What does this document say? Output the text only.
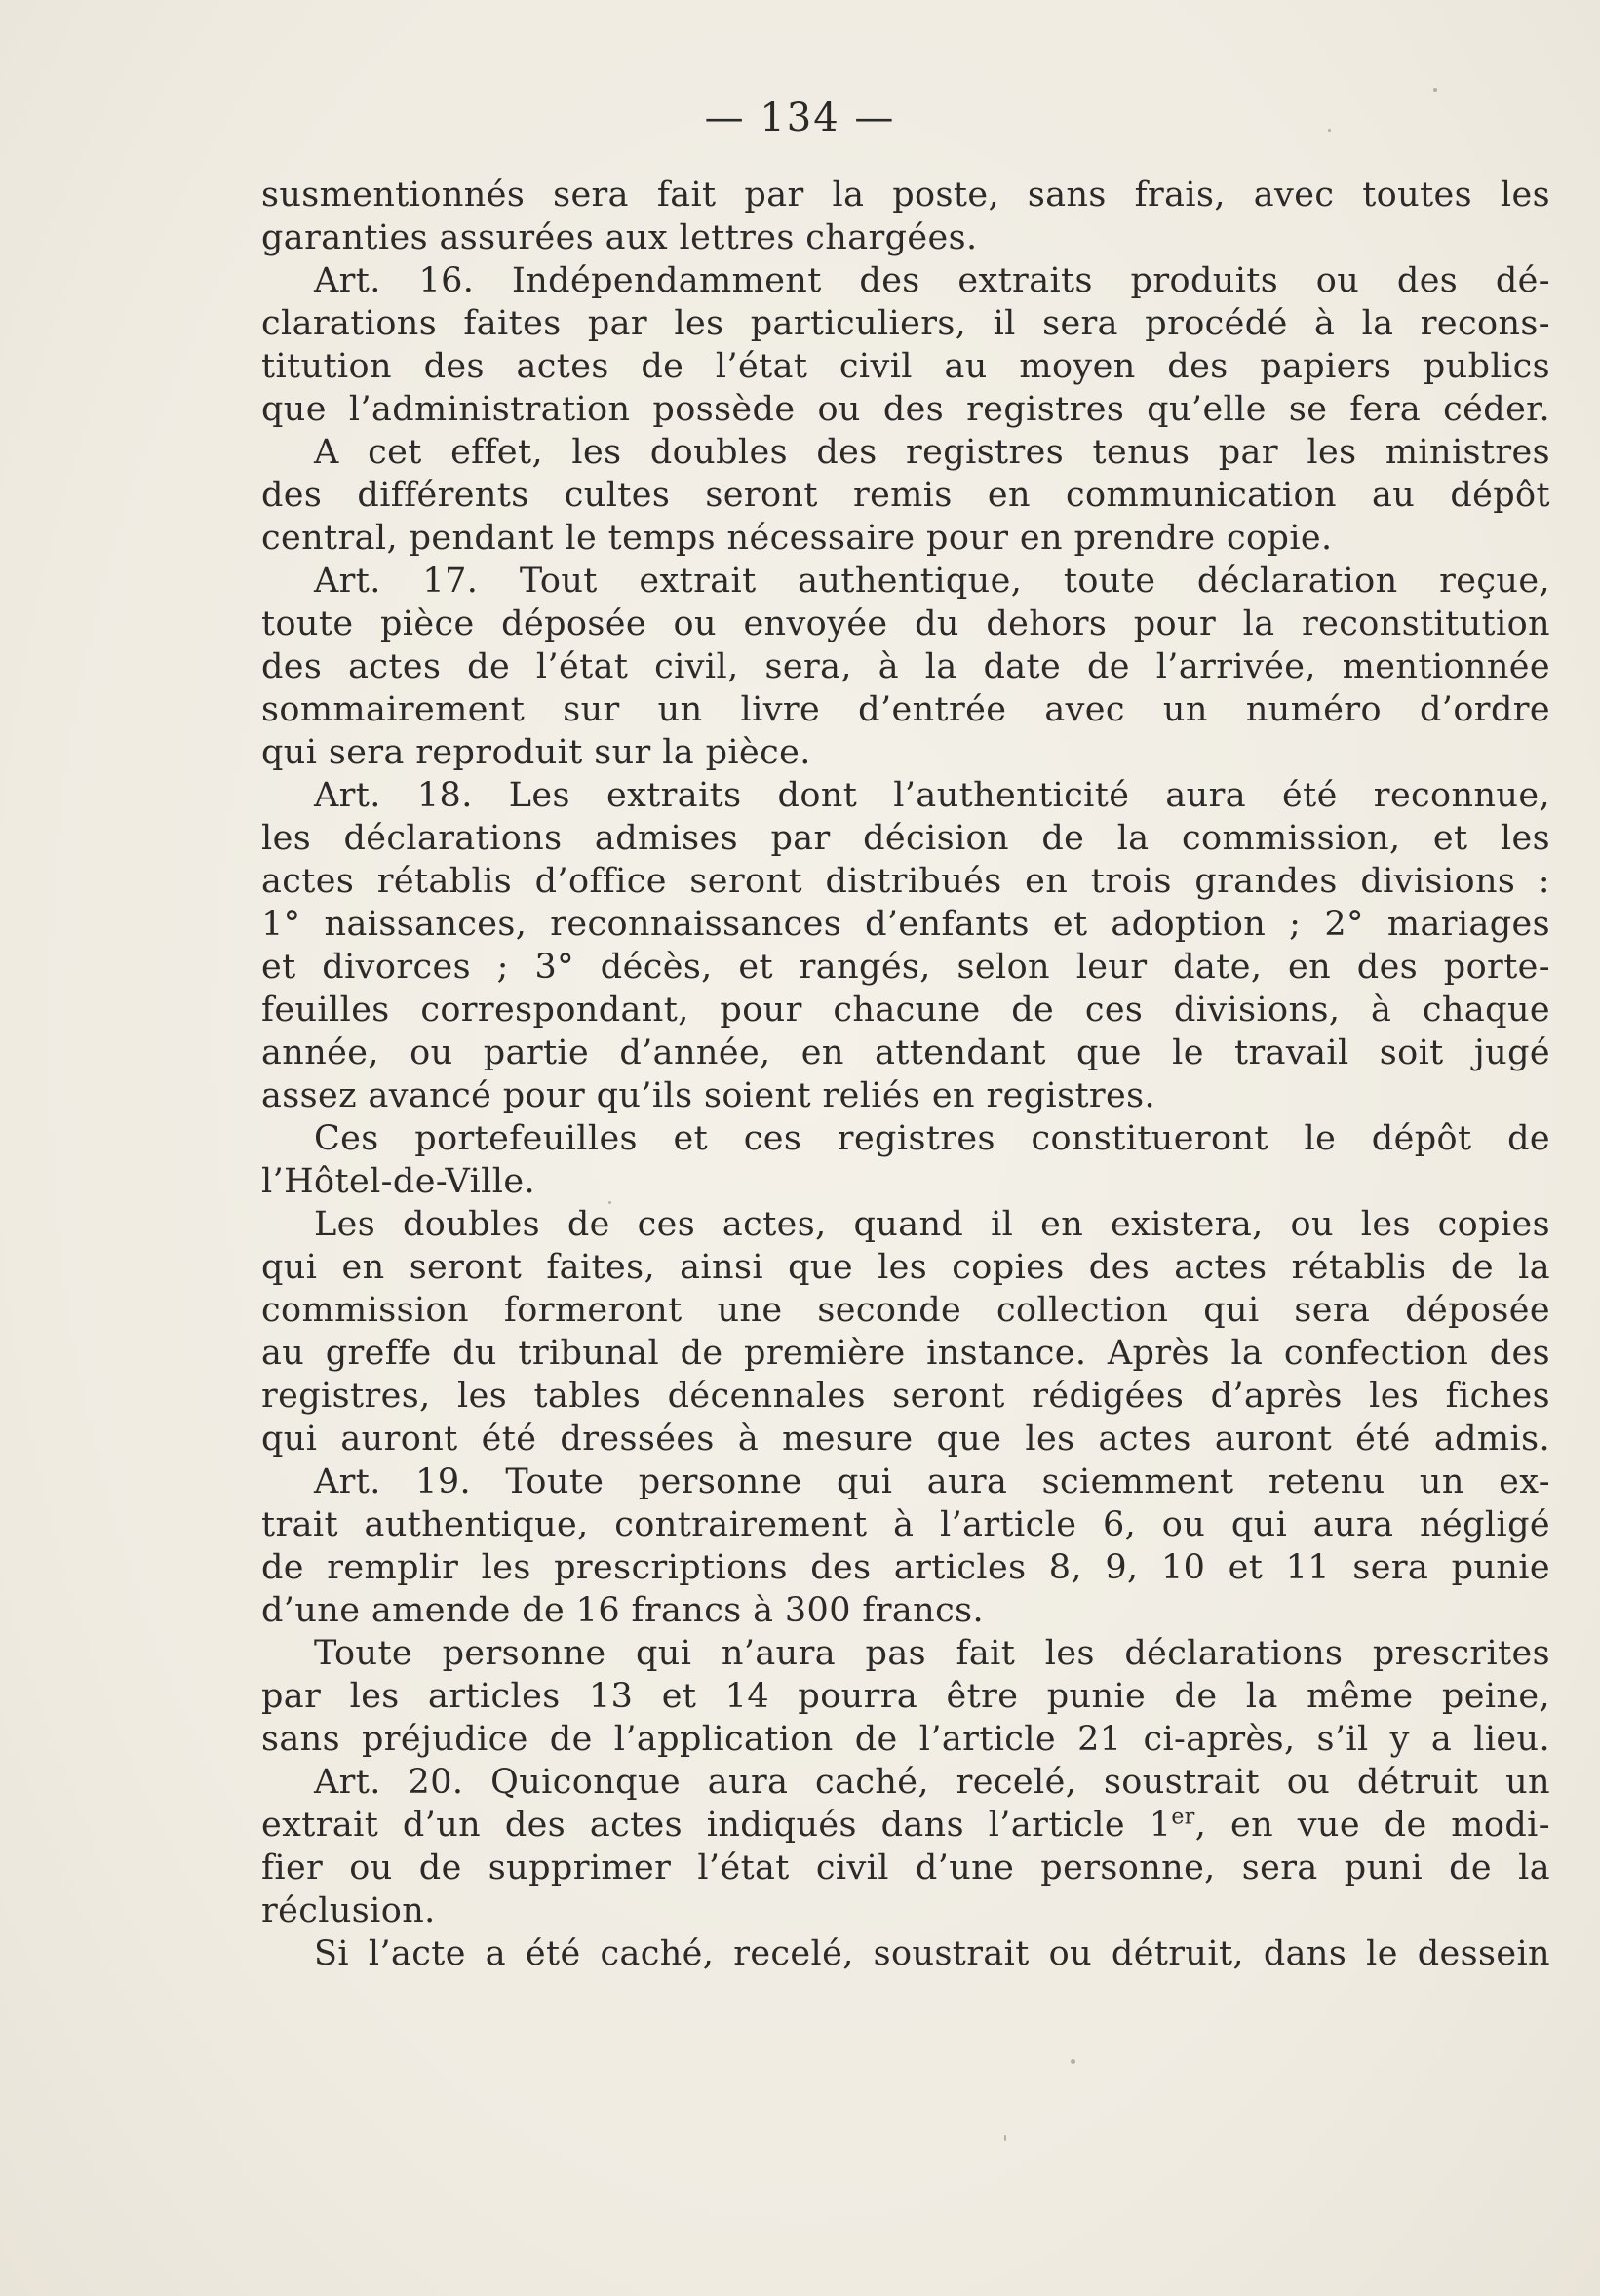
— 134 —
susmentionnés sera fait par la poste, sans frais, avec toutes les
garanties assurées aux lettres chargées.
Art. 16. Indépendamment des extraits produits ou des dé-
clarations faites par les particuliers, il sera procédé à la recons-
titution des actes de l’état civil au moyen des papiers publics
que l’administration possède ou des registres qu’elle se fera céder.
A cet effet, les doubles des registres tenus par les ministres
des différents cultes seront remis en communication au dépôt
central, pendant le temps nécessaire pour en prendre copie.
Art. 17. Tout extrait authentique, toute déclaration reçue,
toute pièce déposée ou envoyée du dehors pour la reconstitution
des actes de l’état civil, sera, à la date de l’arrivée, mentionnée
sommairement sur un livre d’entrée avec un numéro d’ordre
qui sera reproduit sur la pièce.
Art. 18. Les extraits dont l’authenticité aura été reconnue,
les déclarations admises par décision de la commission, et les
actes rétablis d’office seront distribués en trois grandes divisions :
1° naissances, reconnaissances d’enfants et adoption ; 2° mariages
et divorces ; 3° décès, et rangés, selon leur date, en des porte-
feuilles correspondant, pour chacune de ces divisions, à chaque
année, ou partie d’année, en attendant que le travail soit jugé
assez avancé pour qu’ils soient reliés en registres.
Ces portefeuilles et ces registres constitueront le dépôt de
l’Hôtel-de-Ville.
Les doubles de ces actes, quand il en existera, ou les copies
qui en seront faites, ainsi que les copies des actes rétablis de la
commission formeront une seconde collection qui sera déposée
au greffe du tribunal de première instance. Après la confection des
registres, les tables décennales seront rédigées d’après les fiches
qui auront été dressées à mesure que les actes auront été admis.
Art. 19. Toute personne qui aura sciemment retenu un ex-
trait authentique, contrairement à l’article 6, ou qui aura négligé
de remplir les prescriptions des articles 8, 9, 10 et 11 sera punie
d’une amende de 16 francs à 300 francs.
Toute personne qui n’aura pas fait les déclarations prescrites
par les articles 13 et 14 pourra être punie de la même peine,
sans préjudice de l’application de l’article 21 ci-après, s’il y a lieu.
Art. 20. Quiconque aura caché, recelé, soustrait ou détruit un
extrait d’un des actes indiqués dans l’article 1er, en vue de modi-
fier ou de supprimer l’état civil d’une personne, sera puni de la
réclusion.
Si l’acte a été caché, recelé, soustrait ou détruit, dans le dessein
